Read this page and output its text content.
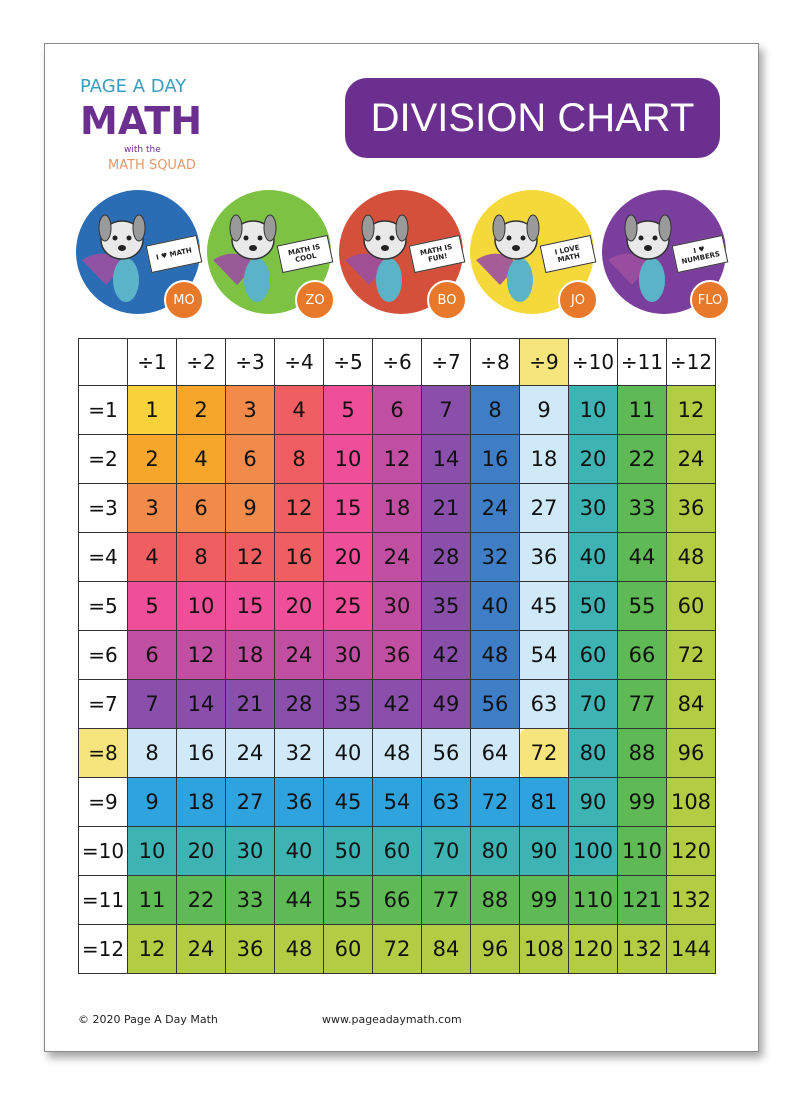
PAGE A DAY
MATH
with the
MATH SQUAD
DIVISION CHART
I ♥ MATH
MO
MATH IS COOL
ZO
MATH IS FUN!
BO
I LOVE MATH
JO
I ♥ NUMBERS
FLO
	÷1	÷2	÷3	÷4	÷5	÷6	÷7	÷8	÷9	÷10	÷11	÷12
=1	1	2	3	4	5	6	7	8	9	10	11	12
=2	2	4	6	8	10	12	14	16	18	20	22	24
=3	3	6	9	12	15	18	21	24	27	30	33	36
=4	4	8	12	16	20	24	28	32	36	40	44	48
=5	5	10	15	20	25	30	35	40	45	50	55	60
=6	6	12	18	24	30	36	42	48	54	60	66	72
=7	7	14	21	28	35	42	49	56	63	70	77	84
=8	8	16	24	32	40	48	56	64	72	80	88	96
=9	9	18	27	36	45	54	63	72	81	90	99	108
=10	10	20	30	40	50	60	70	80	90	100	110	120
=11	11	22	33	44	55	66	77	88	99	110	121	132
=12	12	24	36	48	60	72	84	96	108	120	132	144
© 2020 Page A Day Math	www.pageadaymath.com
